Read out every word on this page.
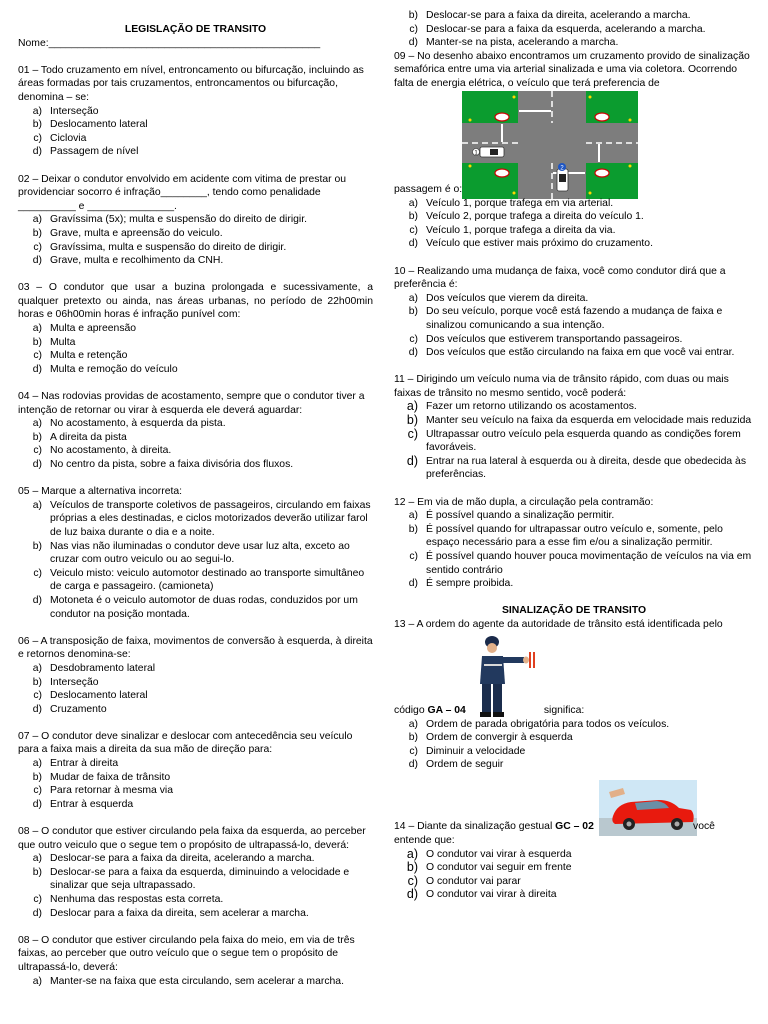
LEGISLAÇÃO DE TRANSITO

Nome:_______________________________________________

01 – Todo cruzamento em nível, entroncamento ou bifurcação, incluindo as áreas formadas por tais cruzamentos, entroncamentos ou bifurcação, denomina – se:

a) Interseção
b) Deslocamento lateral
c) Ciclovia
d) Passagem de nível

02 – Deixar o condutor envolvido em acidente com vitima de prestar ou providenciar socorro é infração________, tendo como penalidade __________ e _______________.

a) Gravíssima (5x); multa e suspensão do direito de dirigir.
b) Grave, multa e apreensão do veiculo.
c) Gravíssima, multa e suspensão do direito de dirigir.
d) Grave, multa e recolhimento da CNH.

03 – O condutor que usar a buzina prolongada e sucessivamente, a qualquer pretexto ou ainda, nas áreas urbanas, no período de 22h00min horas e 06h00min horas é infração punível com:

a) Multa e apreensão
b) Multa
c) Multa e retenção
d) Multa e remoção do veículo

04 – Nas rodovias providas de acostamento, sempre que o condutor tiver a intenção de retornar ou virar à esquerda ele deverá aguardar:

a) No acostamento, à esquerda da pista.
b) A direita da pista
c) No acostamento, à direita.
d) No centro da pista, sobre a faixa divisória dos fluxos.

05 – Marque a alternativa incorreta:

a) Veículos de transporte coletivos de passageiros, circulando em faixas próprias a eles destinadas, e ciclos motorizados deverão utilizar farol de luz baixa durante o dia e a noite.
b) Nas vias não iluminadas o condutor deve usar luz alta, exceto ao cruzar com outro veiculo ou ao segui-lo.
c) Veiculo misto: veiculo automotor destinado ao transporte simultâneo de carga e passageiro. (camioneta)
d) Motoneta é o veiculo automotor de duas rodas, conduzidos por um condutor na posição montada.

06 – A transposição de faixa, movimentos de conversão à esquerda, à direita e retornos denomina-se:

a) Desdobramento lateral
b) Interseção
c) Deslocamento lateral
d) Cruzamento

07 – O condutor deve sinalizar e deslocar com antecedência seu veículo para a faixa mais a direita da sua mão de direção para:

a) Entrar à direita
b) Mudar de faixa de trânsito
c) Para retornar à mesma via
d) Entrar à esquerda

08 – O condutor que estiver circulando pela faixa da esquerda, ao perceber que outro veiculo que o segue tem o propósito de ultrapassá-lo, deverá:

a) Deslocar-se para a faixa da direita, acelerando a marcha.
b) Deslocar-se para a faixa da esquerda, diminuindo a velocidade e sinalizar que seja ultrapassado.
c) Nenhuma das respostas esta correta.
d) Deslocar para a faixa da direita, sem acelerar a marcha.

08 – O condutor que estiver circulando pela faixa do meio, em via de três faixas, ao perceber que outro veículo que o segue tem o propósito de ultrapassá-lo, deverá:

a) Manter-se na faixa que esta circulando, sem acelerar a marcha.
b) Deslocar-se para a faixa da direita, acelerando a marcha.
c) Deslocar-se para a faixa da esquerda, acelerando a marcha.
d) Manter-se na pista, acelerando a marcha.

09 – No desenho abaixo encontramos um cruzamento provido de sinalização semafórica entre uma via arterial sinalizada e uma via coletora. Ocorrendo falta de energia elétrica, o veículo que terá preferencia de

passagem é o:
1
2
a) Veículo 1, porque trafega em via arterial.
b) Veículo 2, porque trafega a direita do veículo 1.
c) Veículo 1, porque trafega a direita da via.
d) Veículo que estiver mais próximo do cruzamento.

10 – Realizando uma mudança de faixa, você como condutor dirá que a preferência é:

a) Dos veículos que vierem da direita.
b) Do seu veículo, porque você está fazendo a mudança de faixa e sinalizou comunicando a sua intenção.
c) Dos veículos que estiverem transportando passageiros.
d) Dos veículos que estão circulando na faixa em que você vai entrar.

11 – Dirigindo um veículo numa via de trânsito rápido, com duas ou mais faixas de trânsito no mesmo sentido, você poderá:

a) Fazer um retorno utilizando os acostamentos.
b) Manter seu veículo na faixa da esquerda em velocidade mais reduzida
c) Ultrapassar outro veículo pela esquerda quando as condições forem favoráveis.
d) Entrar na rua lateral à esquerda ou à direita, desde que obedecida às preferências.

12 – Em via de mão dupla, a circulação pela contramão:

a) É possível quando a sinalização permitir.
b) É possível quando for ultrapassar outro veículo e, somente, pelo espaço necessário para a esse fim e/ou a sinalização permitir.
c) É possível quando houver pouca movimentação de veículos na via em sentido contrário
d) É sempre proibida.

SINALIZAÇÃO DE TRANSITO

13 – A ordem do agente da autoridade de trânsito está identificada pelo

código GA – 04	significa:
a) Ordem de parada obrigatória para todos os veículos.
b) Ordem de convergir à esquerda
c) Diminuir a velocidade
d) Ordem de seguir
14 – Diante da sinalização gestual GC – 02	você

entende que:

a) O condutor vai virar à esquerda
b) O condutor vai seguir em frente
c) O condutor vai parar
d) O condutor vai virar à direita
